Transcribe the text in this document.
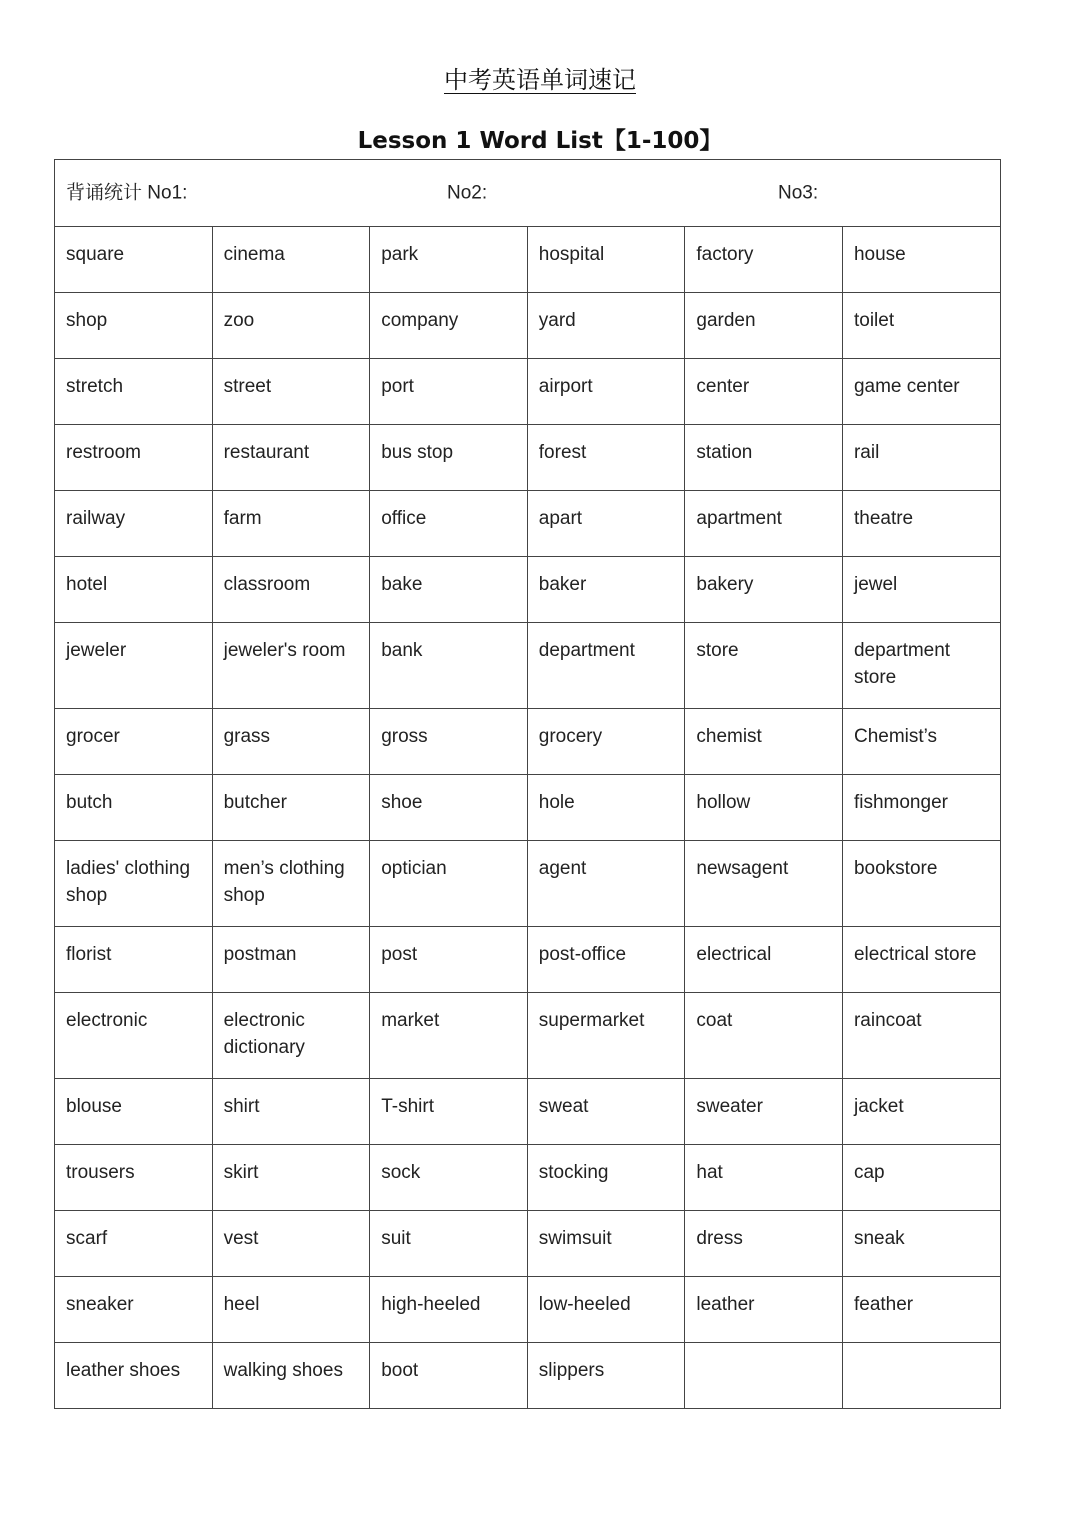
中考英语单词速记
Lesson 1 Word List【1-100】
背诵统计 No1: No2: No3:					

square	cinema	park	hospital	factory	house
shop	zoo	company	yard	garden	toilet
stretch	street	port	airport	center	game center
restroom	restaurant	bus stop	forest	station	rail
railway	farm	office	apart	apartment	theatre
hotel	classroom	bake	baker	bakery	jewel
jeweler	jeweler's room	bank	department	store	department store
grocer	grass	gross	grocery	chemist	Chemist’s
butch	butcher	shoe	hole	hollow	fishmonger
ladies' clothing shop	men’s clothing shop	optician	agent	newsagent	bookstore
florist	postman	post	post-office	electrical	electrical store
electronic	electronic dictionary	market	supermarket	coat	raincoat
blouse	shirt	T-shirt	sweat	sweater	jacket
trousers	skirt	sock	stocking	hat	cap
scarf	vest	suit	swimsuit	dress	sneak
sneaker	heel	high-heeled	low-heeled	leather	feather
leather shoes	walking shoes	boot	slippers		
